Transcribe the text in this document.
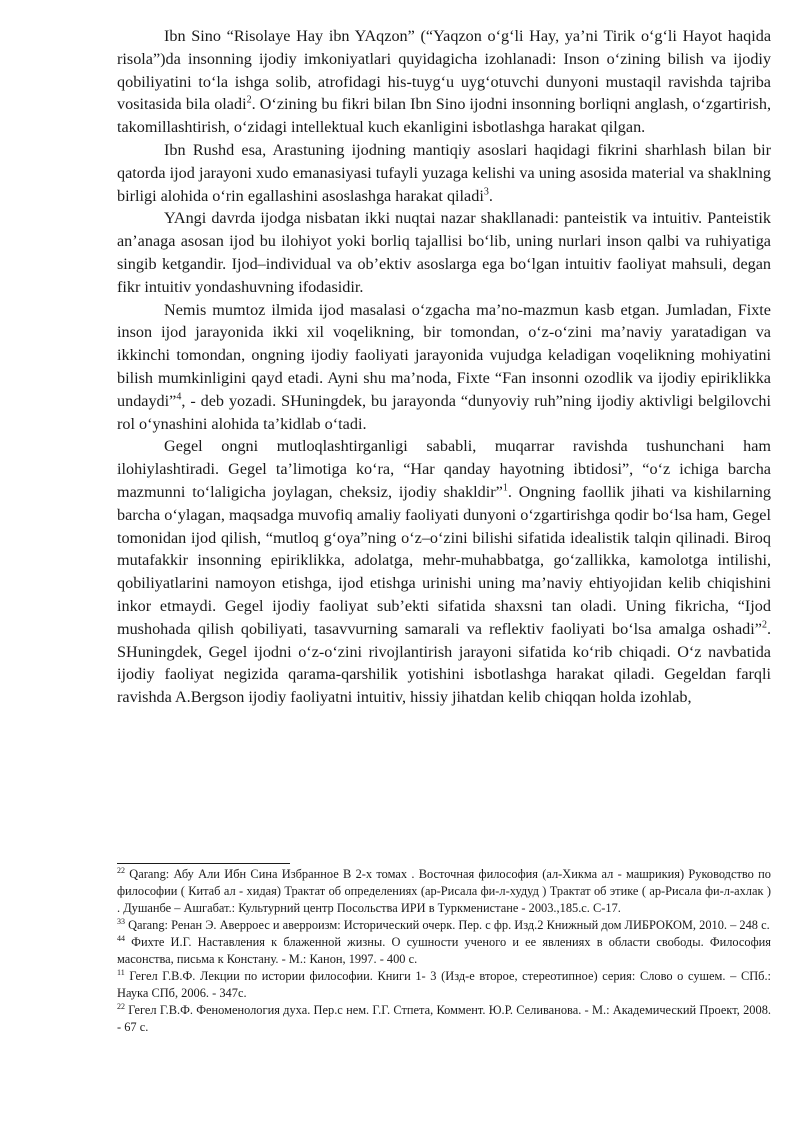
Ibn Sino “Risolaye Hay ibn YAqzon” (“Yaqzon o‘g‘li Hay, ya’ni Tirik o‘g‘li Hayot haqida risola”)da insonning ijodiy imkoniyatlari quyidagicha izohlanadi: Inson o‘zining bilish va ijodiy qobiliyatini to‘la ishga solib, atrofidagi his-tuyg‘u uyg‘otuvchi dunyoni mustaqil ravishda tajriba vositasida bila oladi$^2$. O‘zining bu fikri bilan Ibn Sino ijodni insonning borliqni anglash, o‘zgartirish, takomillashtirish, o‘zidagi intellektual kuch ekanligini isbotlashga harakat qilgan.

Ibn Rushd esa, Arastuning ijodning mantiqiy asoslari haqidagi fikrini sharhlash bilan bir qatorda ijod jarayoni xudo emanasiyasi tufayli yuzaga kelishi va uning asosida material va shaklning birligi alohida o‘rin egallashini asoslashga harakat qiladi$^3$.

YAngi davrda ijodga nisbatan ikki nuqtai nazar shakllanadi: panteistik va intuitiv. Panteistik an’anaga asosan ijod bu ilohiyot yoki borliq tajallisi bo‘lib, uning nurlari inson qalbi va ruhiyatiga singib ketgandir. Ijod–individual va ob’ektiv asoslarga ega bo‘lgan intuitiv faoliyat mahsuli, degan fikr intuitiv yondashuvning ifodasidir.

Nemis mumtoz ilmida ijod masalasi o‘zgacha ma’no-mazmun kasb etgan. Jumladan, Fixte inson ijod jarayonida ikki xil voqelikning, bir tomondan, o‘z-o‘zini ma’naviy yaratadigan va ikkinchi tomondan, ongning ijodiy faoliyati jarayonida vujudga keladigan voqelikning mohiyatini bilish mumkinligini qayd etadi. Ayni shu ma’noda, Fixte “Fan insonni ozodlik va ijodiy epiriklikka undaydi”$^4$, - deb yozadi. SHuningdek, bu jarayonda “dunyoviy ruh”ning ijodiy aktivligi belgilovchi rol o‘ynashini alohida ta’kidlab o‘tadi.

Gegel ongni mutloqlashtirganligi sababli, muqarrar ravishda tushunchani ham ilohiylashtiradi. Gegel ta’limotiga ko‘ra, “Har qanday hayotning ibtidosi”, “o‘z ichiga barcha mazmunni to‘laligicha joylagan, cheksiz, ijodiy shakldir”$^1$. Ongning faollik jihati va kishilarning barcha o‘ylagan, maqsadga muvofiq amaliy faoliyati dunyoni o‘zgartirishga qodir bo‘lsa ham, Gegel tomonidan ijod qilish, “mutloq g‘oya”ning o‘z–o‘zini bilishi sifatida idealistik talqin qilinadi. Biroq mutafakkir insonning epiriklikka, adolatga, mehr-muhabbatga, go‘zallikka, kamolotga intilishi, qobiliyatlarini namoyon etishga, ijod etishga urinishi uning ma’naviy ehtiyojidan kelib chiqishini inkor etmaydi. Gegel ijodiy faoliyat sub’ekti sifatida shaxsni tan oladi. Uning fikricha, “Ijod mushohada qilish qobiliyati, tasavvurning samarali va reflektiv faoliyati bo‘lsa amalga oshadi”$^2$. SHuningdek, Gegel ijodni o‘z-o‘zini rivojlantirish jarayoni sifatida ko‘rib chiqadi. O‘z navbatida ijodiy faoliyat negizida qarama-qarshilik yotishini isbotlashga harakat qiladi. Gegeldan farqli ravishda A.Bergson ijodiy faoliyatni intuitiv, hissiy jihatdan kelib chiqqan holda izohlab,

$^{22}$ Qarang: Абу Али Ибн Сина Избранное В 2-х томах . Восточная философия (ал-Хикма ал - машрикия) Руководство по философии ( Китаб ал - хидая) Трактат об определениях (ар-Рисала фи-л-худуд ) Трактат об этике ( ар-Рисала фи-л-ахлак ) . Душанбе – Ашгабат.: Культурний центр Посольства ИРИ в Туркменистане - 2003.,185.с. С-17.

$^{33}$ Qarang: Ренан Э. Аверроес и аверроизм: Исторический очерк. Пер. с фр. Изд.2 Книжный дом ЛИБРОКОМ, 2010. – 248 с.

$^{44}$ Фихте И.Г. Наставления к блаженной жизны. О сушности ученого и ее явлениях в области свободы. Философия масонства, письма к Констану. - М.: Канон, 1997. - 400 с.

$^{11}$ Гегел Г.В.Ф. Лекции по истории философии. Книги 1- 3 (Изд-е второе, стереотипное) серия: Слово о сушем. – СПб.: Наука СПб, 2006. - 347с.

$^{22}$ Гегел Г.В.Ф. Феноменология духа. Пер.с нем. Г.Г. Стпета, Коммент. Ю.Р. Селиванова. - М.: Академический Проект, 2008. - 67 с.
